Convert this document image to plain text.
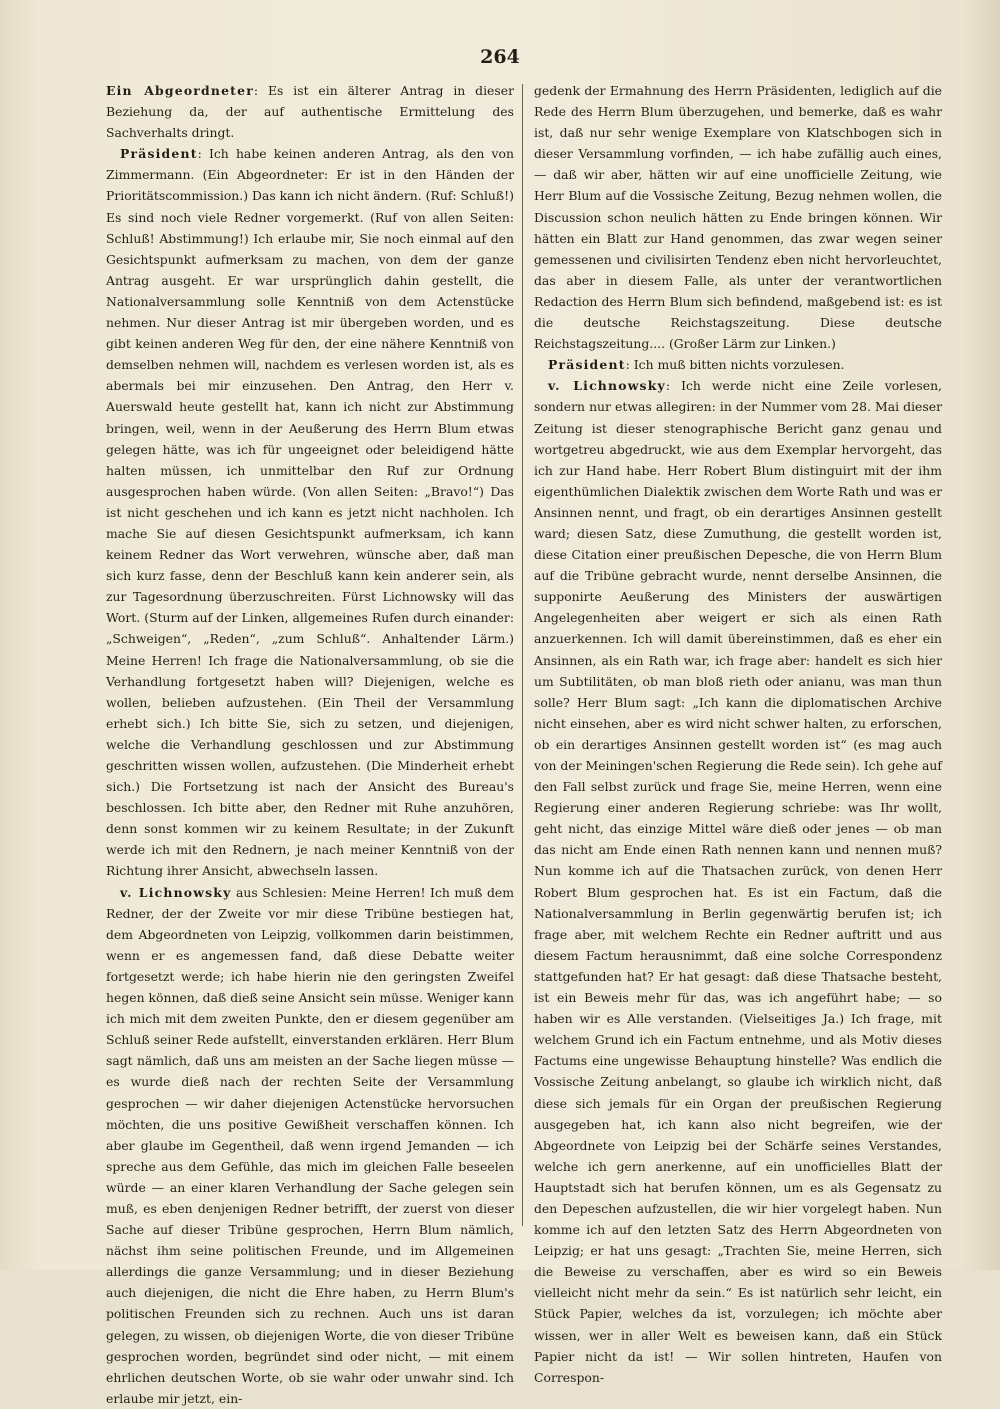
264

Ein Abgeordneter: Es ist ein älterer Antrag in dieser Beziehung da, der auf authentische Ermittelung des Sachverhalts dringt.

Präsident: Ich habe keinen anderen Antrag, als den von Zimmermann. (Ein Abgeordneter: Er ist in den Händen der Prioritätscommission.) Das kann ich nicht ändern. (Ruf: Schluß!) Es sind noch viele Redner vorgemerkt. (Ruf von allen Seiten: Schluß! Abstimmung!) Ich erlaube mir, Sie noch einmal auf den Gesichtspunkt aufmerksam zu machen, von dem der ganze Antrag ausgeht. Er war ursprünglich dahin gestellt, die Nationalversammlung solle Kenntniß von dem Actenstücke nehmen. Nur dieser Antrag ist mir übergeben worden, und es gibt keinen anderen Weg für den, der eine nähere Kenntniß von demselben nehmen will, nachdem es verlesen worden ist, als es abermals bei mir einzusehen. Den Antrag, den Herr v. Auerswald heute gestellt hat, kann ich nicht zur Abstimmung bringen, weil, wenn in der Aeußerung des Herrn Blum etwas gelegen hätte, was ich für ungeeignet oder beleidigend hätte halten müssen, ich unmittelbar den Ruf zur Ordnung ausgesprochen haben würde. (Von allen Seiten: „Bravo!“) Das ist nicht geschehen und ich kann es jetzt nicht nachholen. Ich mache Sie auf diesen Gesichtspunkt aufmerksam, ich kann keinem Redner das Wort verwehren, wünsche aber, daß man sich kurz fasse, denn der Beschluß kann kein anderer sein, als zur Tagesordnung überzuschreiten. Fürst Lichnowsky will das Wort. (Sturm auf der Linken, allgemeines Rufen durch einander: „Schweigen“, „Reden“, „zum Schluß“. Anhaltender Lärm.) Meine Herren! Ich frage die Nationalversammlung, ob sie die Verhandlung fortgesetzt haben will? Diejenigen, welche es wollen, belieben aufzustehen. (Ein Theil der Versammlung erhebt sich.) Ich bitte Sie, sich zu setzen, und diejenigen, welche die Verhandlung geschlossen und zur Abstimmung geschritten wissen wollen, aufzustehen. (Die Minderheit erhebt sich.) Die Fortsetzung ist nach der Ansicht des Bureau's beschlossen. Ich bitte aber, den Redner mit Ruhe anzuhören, denn sonst kommen wir zu keinem Resultate; in der Zukunft werde ich mit den Rednern, je nach meiner Kenntniß von der Richtung ihrer Ansicht, abwechseln lassen.

v. Lichnowsky aus Schlesien: Meine Herren! Ich muß dem Redner, der der Zweite vor mir diese Tribüne bestiegen hat, dem Abgeordneten von Leipzig, vollkommen darin beistimmen, wenn er es angemessen fand, daß diese Debatte weiter fortgesetzt werde; ich habe hierin nie den geringsten Zweifel hegen können, daß dieß seine Ansicht sein müsse. Weniger kann ich mich mit dem zweiten Punkte, den er diesem gegenüber am Schluß seiner Rede aufstellt, einverstanden erklären. Herr Blum sagt nämlich, daß uns am meisten an der Sache liegen müsse — es wurde dieß nach der rechten Seite der Versammlung gesprochen — wir daher diejenigen Actenstücke hervorsuchen möchten, die uns positive Gewißheit verschaffen können. Ich aber glaube im Gegentheil, daß wenn irgend Jemanden — ich spreche aus dem Gefühle, das mich im gleichen Falle beseelen würde — an einer klaren Verhandlung der Sache gelegen sein muß, es eben denjenigen Redner betrifft, der zuerst von dieser Sache auf dieser Tribüne gesprochen, Herrn Blum nämlich, nächst ihm seine politischen Freunde, und im Allgemeinen allerdings die ganze Versammlung; und in dieser Beziehung auch diejenigen, die nicht die Ehre haben, zu Herrn Blum's politischen Freunden sich zu rechnen. Auch uns ist daran gelegen, zu wissen, ob diejenigen Worte, die von dieser Tribüne gesprochen worden, begründet sind oder nicht, — mit einem ehrlichen deutschen Worte, ob sie wahr oder unwahr sind. Ich erlaube mir jetzt, ein-

gedenk der Ermahnung des Herrn Präsidenten, lediglich auf die Rede des Herrn Blum überzugehen, und bemerke, daß es wahr ist, daß nur sehr wenige Exemplare von Klatschbogen sich in dieser Versammlung vorfinden, — ich habe zufällig auch eines, — daß wir aber, hätten wir auf eine unofficielle Zeitung, wie Herr Blum auf die Vossische Zeitung, Bezug nehmen wollen, die Discussion schon neulich hätten zu Ende bringen können. Wir hätten ein Blatt zur Hand genommen, das zwar wegen seiner gemessenen und civilisirten Tendenz eben nicht hervorleuchtet, das aber in diesem Falle, als unter der verantwortlichen Redaction des Herrn Blum sich befindend, maßgebend ist: es ist die deutsche Reichstagszeitung. Diese deutsche Reichstagszeitung.... (Großer Lärm zur Linken.)

Präsident: Ich muß bitten nichts vorzulesen.

v. Lichnowsky: Ich werde nicht eine Zeile vorlesen, sondern nur etwas allegiren: in der Nummer vom 28. Mai dieser Zeitung ist dieser stenographische Bericht ganz genau und wortgetreu abgedruckt, wie aus dem Exemplar hervorgeht, das ich zur Hand habe. Herr Robert Blum distinguirt mit der ihm eigenthümlichen Dialektik zwischen dem Worte Rath und was er Ansinnen nennt, und fragt, ob ein derartiges Ansinnen gestellt ward; diesen Satz, diese Zumuthung, die gestellt worden ist, diese Citation einer preußischen Depesche, die von Herrn Blum auf die Tribüne gebracht wurde, nennt derselbe Ansinnen, die supponirte Aeußerung des Ministers der auswärtigen Angelegenheiten aber weigert er sich als einen Rath anzuerkennen. Ich will damit übereinstimmen, daß es eher ein Ansinnen, als ein Rath war, ich frage aber: handelt es sich hier um Subtilitäten, ob man bloß rieth oder anianu, was man thun solle? Herr Blum sagt: „Ich kann die diplomatischen Archive nicht einsehen, aber es wird nicht schwer halten, zu erforschen, ob ein derartiges Ansinnen gestellt worden ist“ (es mag auch von der Meiningen'schen Regierung die Rede sein). Ich gehe auf den Fall selbst zurück und frage Sie, meine Herren, wenn eine Regierung einer anderen Regierung schriebe: was Ihr wollt, geht nicht, das einzige Mittel wäre dieß oder jenes — ob man das nicht am Ende einen Rath nennen kann und nennen muß? Nun komme ich auf die Thatsachen zurück, von denen Herr Robert Blum gesprochen hat. Es ist ein Factum, daß die Nationalversammlung in Berlin gegenwärtig berufen ist; ich frage aber, mit welchem Rechte ein Redner auftritt und aus diesem Factum herausnimmt, daß eine solche Correspondenz stattgefunden hat? Er hat gesagt: daß diese Thatsache besteht, ist ein Beweis mehr für das, was ich angeführt habe; — so haben wir es Alle verstanden. (Vielseitiges Ja.) Ich frage, mit welchem Grund ich ein Factum entnehme, und als Motiv dieses Factums eine ungewisse Behauptung hinstelle? Was endlich die Vossische Zeitung anbelangt, so glaube ich wirklich nicht, daß diese sich jemals für ein Organ der preußischen Regierung ausgegeben hat, ich kann also nicht begreifen, wie der Abgeordnete von Leipzig bei der Schärfe seines Verstandes, welche ich gern anerkenne, auf ein unofficielles Blatt der Hauptstadt sich hat berufen können, um es als Gegensatz zu den Depeschen aufzustellen, die wir hier vorgelegt haben. Nun komme ich auf den letzten Satz des Herrn Abgeordneten von Leipzig; er hat uns gesagt: „Trachten Sie, meine Herren, sich die Beweise zu verschaffen, aber es wird so ein Beweis vielleicht nicht mehr da sein.“ Es ist natürlich sehr leicht, ein Stück Papier, welches da ist, vorzulegen; ich möchte aber wissen, wer in aller Welt es beweisen kann, daß ein Stück Papier nicht da ist! — Wir sollen hintreten, Haufen von Correspon-
